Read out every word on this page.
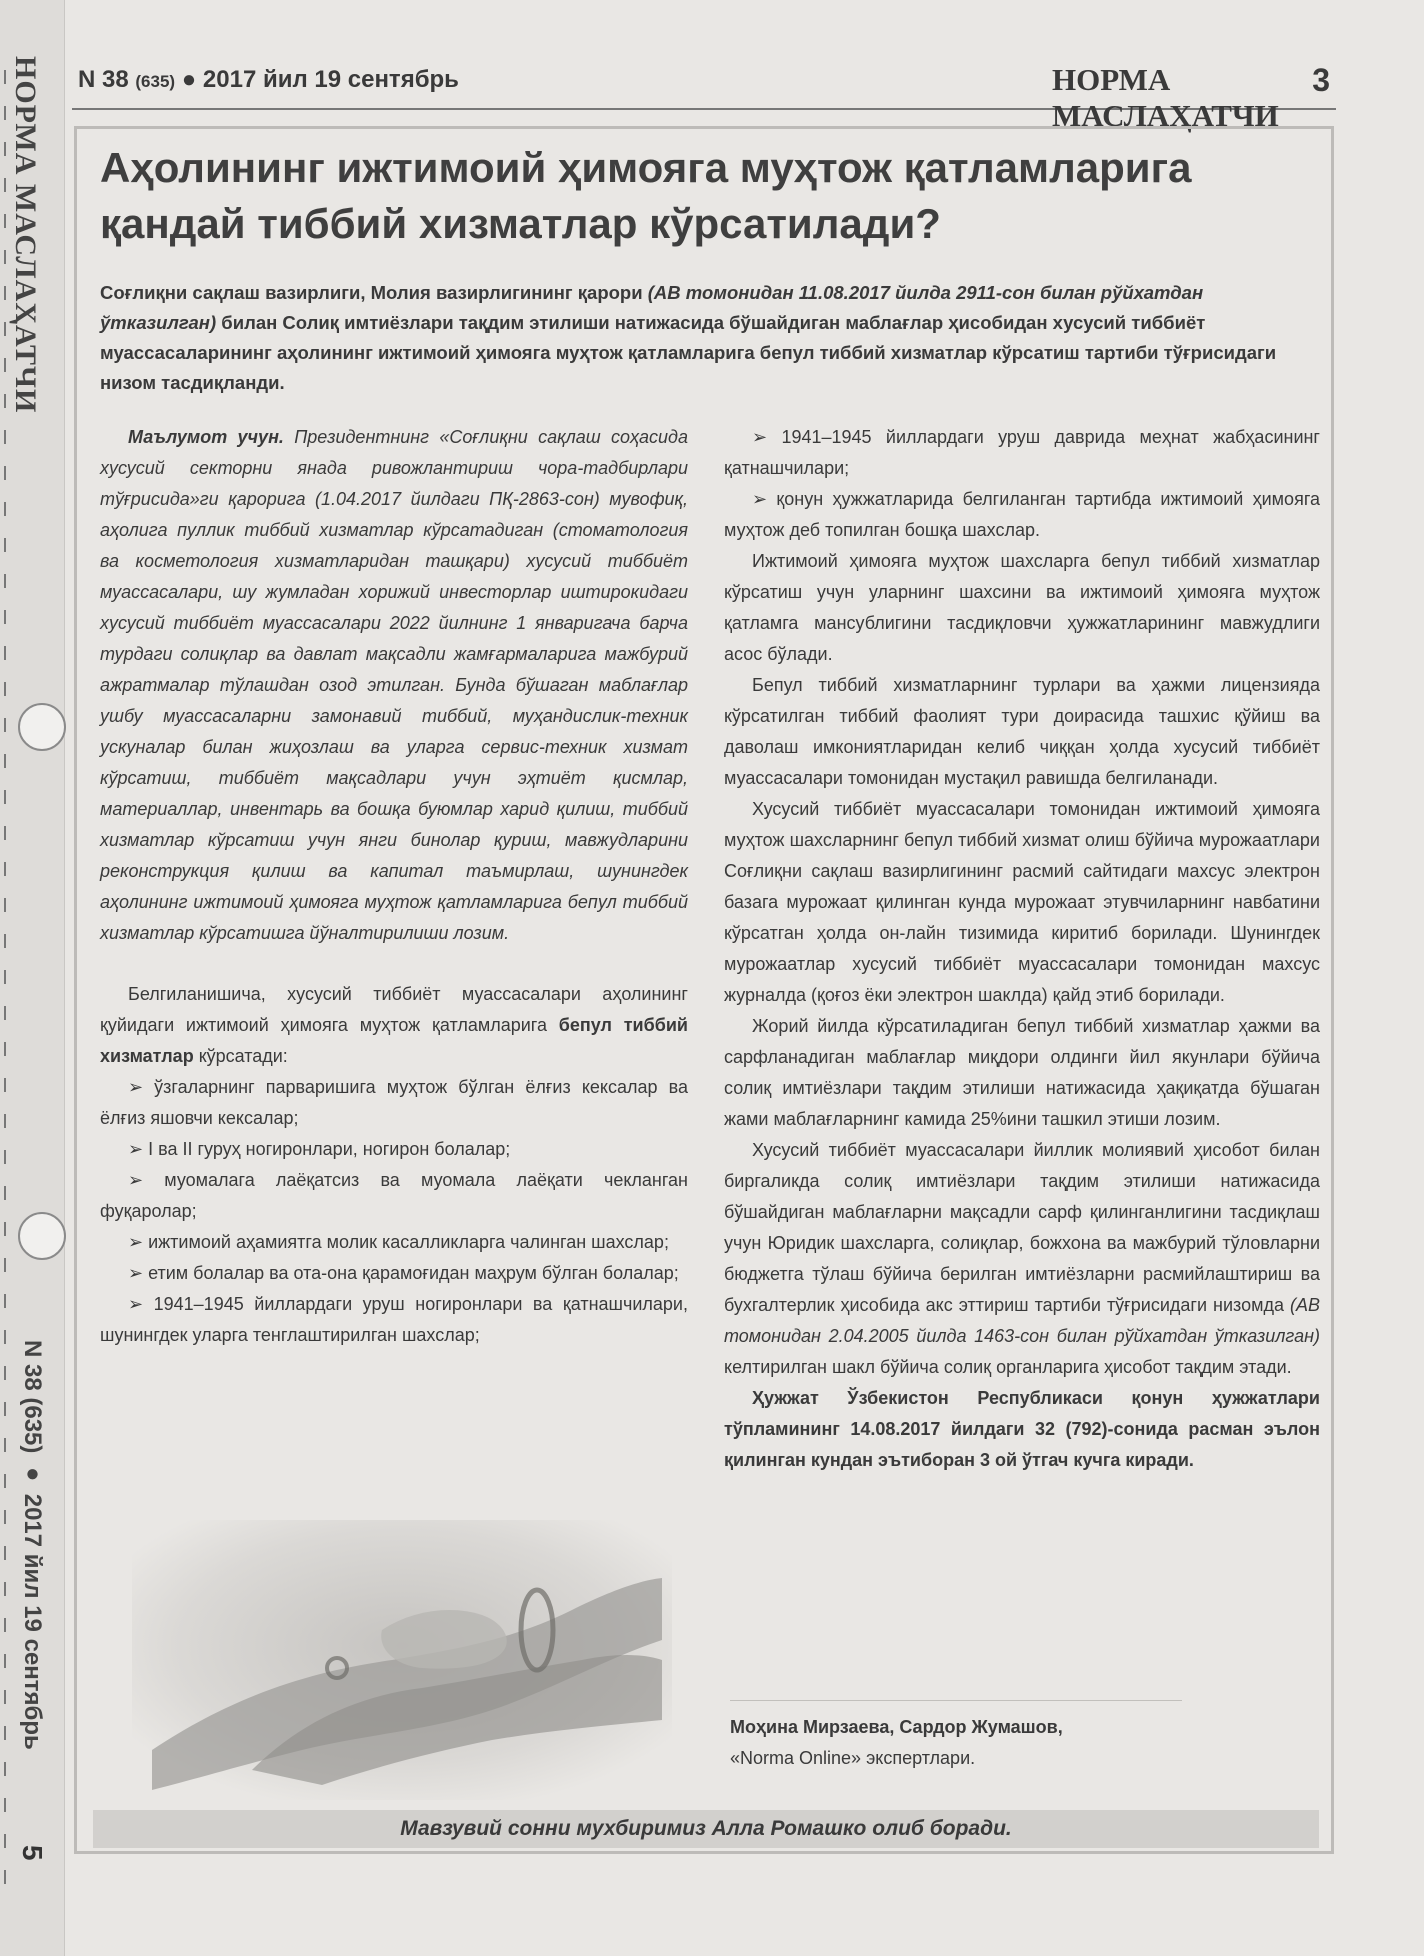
НОРМА МАСЛАҲАТЧИ
N 38 (635) ● 2017 йил 19 сентябрь
5
N 38 (635) ● 2017 йил 19 сентябрь	НОРМА МАСЛАҲАТЧИ
3
Аҳолининг ижтимоий ҳимояга муҳтож қатламларига қандай тиббий хизматлар кўрсатилади?
Соғлиқни сақлаш вазирлиги, Молия вазирлигининг қарори (АВ томонидан 11.08.2017 йилда 2911-сон билан рўйхатдан ўтказилган) билан Солиқ имтиёзлари тақдим этилиши натижасида бўшайдиган маблағлар ҳисобидан хусусий тиббиёт муассасаларининг аҳолининг ижтимоий ҳимояга муҳтож қатламларига бепул тиббий хизматлар кўрсатиш тартиби тўғрисидаги низом тасдиқланди.

Маълумот учун. Президентнинг «Соғлиқни сақлаш соҳасида хусусий секторни янада ривожлантириш чора-тадбирлари тўғрисида»ги қарорига (1.04.2017 йилдаги ПҚ-2863-сон) мувофиқ, аҳолига пуллик тиббий хизматлар кўрсатадиган (стоматология ва косметология хизматларидан ташқари) хусусий тиббиёт муассасалари, шу жумладан хорижий инвесторлар иштирокидаги хусусий тиббиёт муассасалари 2022 йилнинг 1 январигача барча турдаги солиқлар ва давлат мақсадли жамғармаларига мажбурий ажратмалар тўлашдан озод этилган. Бунда бўшаган маблағлар ушбу муассасаларни замонавий тиббий, муҳандислик-техник ускуналар билан жиҳозлаш ва уларга сервис-техник хизмат кўрсатиш, тиббиёт мақсадлари учун эҳтиёт қисмлар, материаллар, инвентарь ва бошқа буюмлар харид қилиш, тиббий хизматлар кўрсатиш учун янги бинолар қуриш, мавжудларини реконструкция қилиш ва капитал таъмирлаш, шунингдек аҳолининг ижтимоий ҳимояга муҳтож қатламларига бепул тиббий хизматлар кўрсатишга йўналтирилиши лозим.

Белгиланишича, хусусий тиббиёт муассасалари аҳолининг қуйидаги ижтимоий ҳимояга муҳтож қатламларига бепул тиббий хизматлар кўрсатади:

➢ ўзгаларнинг парваришига муҳтож бўлган ёлғиз кексалар ва ёлғиз яшовчи кексалар;

➢ I ва II гуруҳ ногиронлари, ногирон болалар;

➢ муомалага лаёқатсиз ва муомала лаёқати чекланган фуқаролар;

➢ ижтимоий аҳамиятга молик касалликларга чалинган шахслар;

➢ етим болалар ва ота-она қарамоғидан маҳрум бўлган болалар;

➢ 1941–1945 йиллардаги уруш ногиронлари ва қатнашчилари, шунингдек уларга тенглаштирилган шахслар;

➢ 1941–1945 йиллардаги уруш даврида меҳнат жабҳасининг қатнашчилари;

➢ қонун ҳужжатларида белгиланган тартибда ижтимоий ҳимояга муҳтож деб топилган бошқа шахслар.

Ижтимоий ҳимояга муҳтож шахсларга бепул тиббий хизматлар кўрсатиш учун уларнинг шахсини ва ижтимоий ҳимояга муҳтож қатламга мансублигини тасдиқловчи ҳужжатларининг мавжудлиги асос бўлади.

Бепул тиббий хизматларнинг турлари ва ҳажми лицензияда кўрсатилган тиббий фаолият тури доирасида ташхис қўйиш ва даволаш имкониятларидан келиб чиққан ҳолда хусусий тиббиёт муассасалари томонидан мустақил равишда белгиланади.

Хусусий тиббиёт муассасалари томонидан ижтимоий ҳимояга муҳтож шахсларнинг бепул тиббий хизмат олиш бўйича мурожаатлари Соғлиқни сақлаш вазирлигининг расмий сайтидаги махсус электрон базага мурожаат қилинган кунда мурожаат этувчиларнинг навбатини кўрсатган ҳолда он-лайн тизимида киритиб борилади. Шунингдек мурожаатлар хусусий тиббиёт муассасалари томонидан махсус журналда (қоғоз ёки электрон шаклда) қайд этиб борилади.

Жорий йилда кўрсатиладиган бепул тиббий хизматлар ҳажми ва сарфланадиган маблағлар миқдори олдинги йил якунлари бўйича солиқ имтиёзлари тақдим этилиши натижасида ҳақиқатда бўшаган жами маблағларнинг камида 25%ини ташкил этиши лозим.

Хусусий тиббиёт муассасалари йиллик молиявий ҳисобот билан биргаликда солиқ имтиёзлари тақдим этилиши натижасида бўшайдиган маблағларни мақсадли сарф қилинганлигини тасдиқлаш учун Юридик шахсларга, солиқлар, божхона ва мажбурий тўловларни бюджетга тўлаш бўйича берилган имтиёзларни расмийлаштириш ва бухгалтерлик ҳисобида акс эттириш тартиби тўғрисидаги низомда (АВ томонидан 2.04.2005 йилда 1463-сон билан рўйхатдан ўтказилган) келтирилган шакл бўйича солиқ органларига ҳисобот тақдим этади.

Ҳужжат Ўзбекистон Республикаси қонун ҳужжатлари тўпламининг 14.08.2017 йилдаги 32 (792)-сонида расман эълон қилинган кундан эътиборан 3 ой ўтгач кучга киради.

Моҳина Мирзаева, Сардор Жумашов,
«Norma Online» экспертлари.
Мавзувий сонни мухбиримиз Алла Ромашко олиб боради.
